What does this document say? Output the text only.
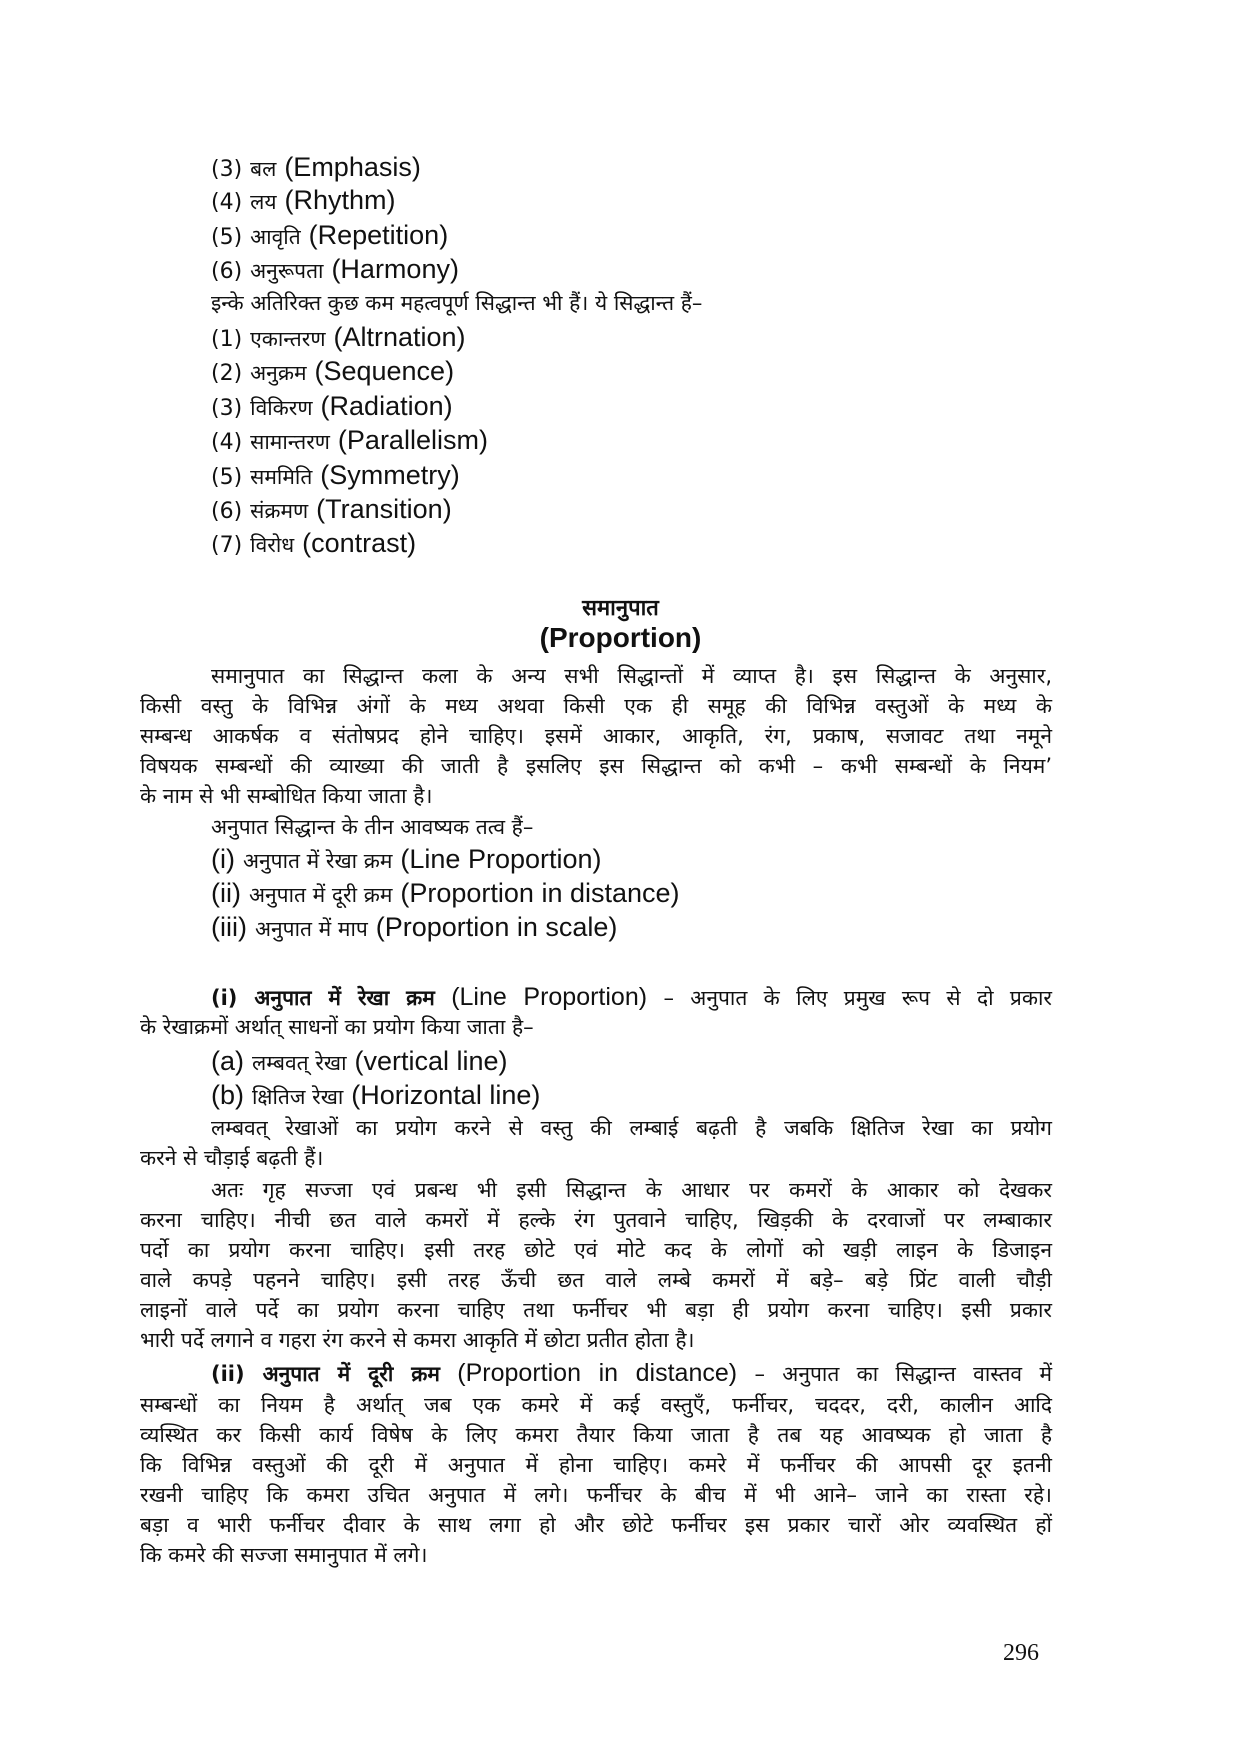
(3) बल (Emphasis)
(4) लय (Rhythm)
(5) आवृति (Repetition)
(6) अनुरूपता (Harmony)
इन्के अतिरिक्त कुछ कम महत्वपूर्ण सिद्धान्त भी हैं। ये सिद्धान्त हैं–
(1) एकान्तरण (Altrnation)
(2) अनुक्रम (Sequence)
(3) विकिरण (Radiation)
(4) सामान्तरण (Parallelism)
(5) सममिति (Symmetry)
(6) संक्रमण (Transition)
(7) विरोध (contrast)
समानुपात
(Proportion)
समानुपात का सिद्धान्त कला के अन्य सभी सिद्धान्तों में व्याप्त है। इस सिद्धान्त के अनुसार,
किसी वस्तु के विभिन्न अंगों के मध्य अथवा किसी एक ही समूह की विभिन्न वस्तुओं के मध्य के
सम्बन्ध आकर्षक व संतोषप्रद होने चाहिए। इसमें आकार, आकृति, रंग, प्रकाष, सजावट तथा नमूने
विषयक सम्बन्धों की व्याख्या की जाती है इसलिए इस सिद्धान्त को कभी – कभी सम्बन्धों के नियम’
के नाम से भी सम्बोधित किया जाता है।
अनुपात सिद्धान्त के तीन आवष्यक तत्व हैं–
(i) अनुपात में रेखा क्रम (Line Proportion)
(ii) अनुपात में दूरी क्रम (Proportion in distance)
(iii) अनुपात में माप (Proportion in scale)
(i) अनुपात में रेखा क्रम (Line Proportion) – अनुपात के लिए प्रमुख रूप से दो प्रकार
के रेखाक्रमों अर्थात् साधनों का प्रयोग किया जाता है–
(a) लम्बवत् रेखा (vertical line)
(b) क्षितिज रेखा (Horizontal line)
लम्बवत् रेखाओं का प्रयोग करने से वस्तु की लम्बाई बढ़ती है जबकि क्षितिज रेखा का प्रयोग
करने से चौड़ाई बढ़ती हैं।
अतः गृह सज्जा एवं प्रबन्ध भी इसी सिद्धान्त के आधार पर कमरों के आकार को देखकर
करना चाहिए। नीची छत वाले कमरों में हल्के रंग पुतवाने चाहिए, खिड़की के दरवाजों पर लम्बाकार
पर्दो का प्रयोग करना चाहिए। इसी तरह छोटे एवं मोटे कद के लोगों को खड़ी लाइन के डिजाइन
वाले कपड़े पहनने चाहिए। इसी तरह ऊँची छत वाले लम्बे कमरों में बड़े– बड़े प्रिंट वाली चौड़ी
लाइनों वाले पर्दे का प्रयोग करना चाहिए तथा फर्नीचर भी बड़ा ही प्रयोग करना चाहिए। इसी प्रकार
भारी पर्दे लगाने व गहरा रंग करने से कमरा आकृति में छोटा प्रतीत होता है।
(ii) अनुपात में दूरी क्रम (Proportion in distance) – अनुपात का सिद्धान्त वास्तव में
सम्बन्धों का नियम है अर्थात् जब एक कमरे में कई वस्तुएँ, फर्नीचर, चददर, दरी, कालीन आदि
व्यस्थित कर किसी कार्य विषेष के लिए कमरा तैयार किया जाता है तब यह आवष्यक हो जाता है
कि विभिन्न वस्तुओं की दूरी में अनुपात में होना चाहिए। कमरे में फर्नीचर की आपसी दूर इतनी
रखनी चाहिए कि कमरा उचित अनुपात में लगे। फर्नीचर के बीच में भी आने– जाने का रास्ता रहे।
बड़ा व भारी फर्नीचर दीवार के साथ लगा हो और छोटे फर्नीचर इस प्रकार चारों ओर व्यवस्थित हों
कि कमरे की सज्जा समानुपात में लगे।
296
